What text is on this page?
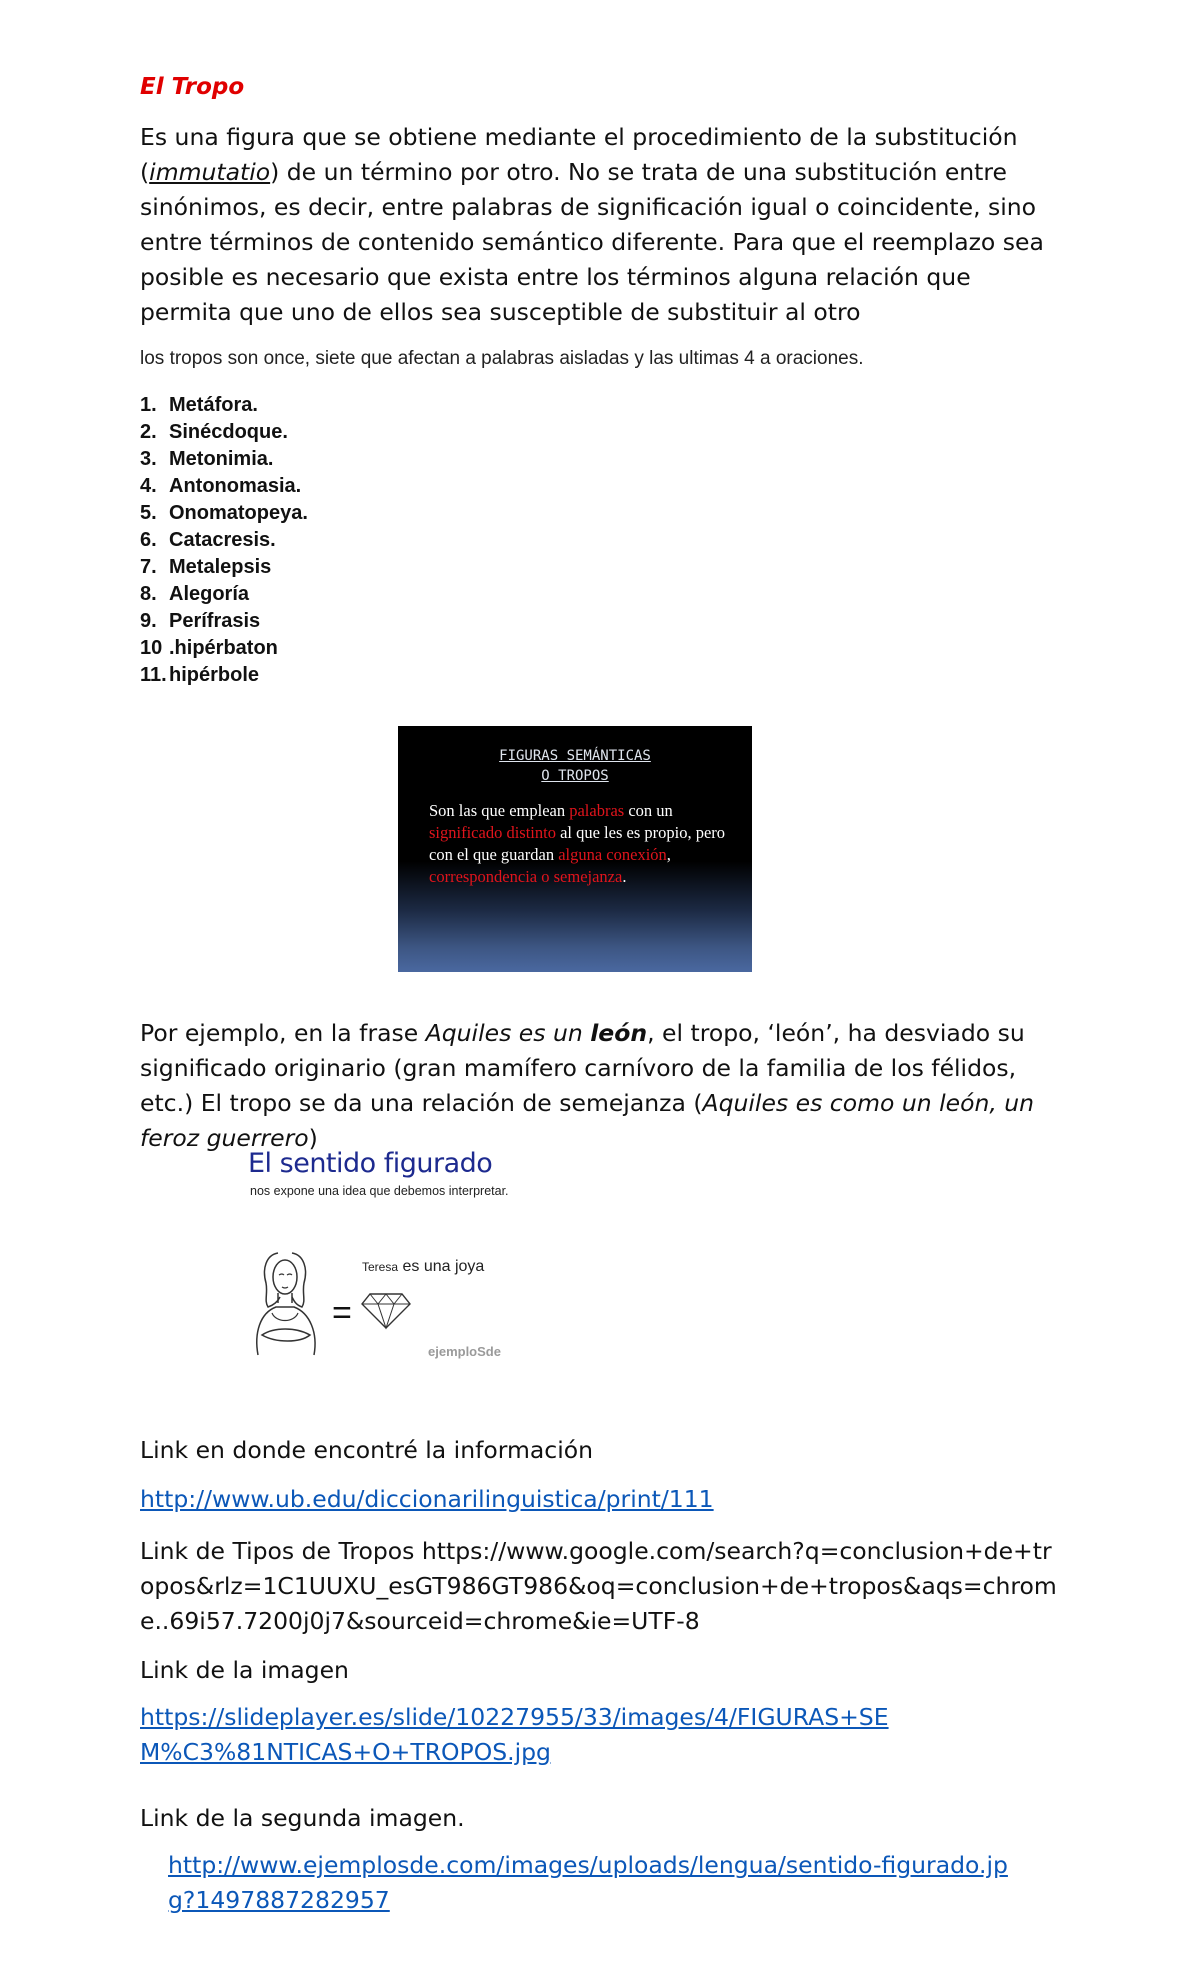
El Tropo
Es una figura que se obtiene mediante el procedimiento de la substitución (immutatio) de un término por otro. No se trata de una substitución entre sinónimos, es decir, entre palabras de significación igual o coincidente, sino entre términos de contenido semántico diferente. Para que el reemplazo sea posible es necesario que exista entre los términos alguna relación que permita que uno de ellos sea susceptible de substituir al otro
los tropos son once, siete que afectan a palabras aisladas y las ultimas 4 a oraciones.
1. Metáfora.
2. Sinécdoque.
3. Metonimia.
4. Antonomasia.
5. Onomatopeya.
6. Catacresis.
7. Metalepsis
8. Alegoría
9. Perífrasis
10 .hipérbaton
11. hipérbole
FIGURAS SEMÁNTICAS
O TROPOS
Son las que emplean palabras con un significado distinto al que les es propio, pero con el que guardan alguna conexión, correspondencia o semejanza.
Por ejemplo, en la frase Aquiles es un león, el tropo, ‘león’, ha desviado su significado originario (gran mamífero carnívoro de la familia de los félidos, etc.) El tropo se da una relación de semejanza (Aquiles es como un león, un feroz guerrero)
El sentido figurado
nos expone una idea que debemos interpretar.
=
Teresa es una joya
ejemploSde
Link en donde encontré la información
http://www.ub.edu/diccionarilinguistica/print/111
Link de Tipos de Tropos https://www.google.com/search?q=conclusion+de+tropos&rlz=1C1UUXU_esGT986GT986&oq=conclusion+de+tropos&aqs=chrome..69i57.7200j0j7&sourceid=chrome&ie=UTF-8
Link de la imagen
https://slideplayer.es/slide/10227955/33/images/4/FIGURAS+SEM%C3%81NTICAS+O+TROPOS.jpg
Link de la segunda imagen.
http://www.ejemplosde.com/images/uploads/lengua/sentido-figurado.jpg?1497887282957
